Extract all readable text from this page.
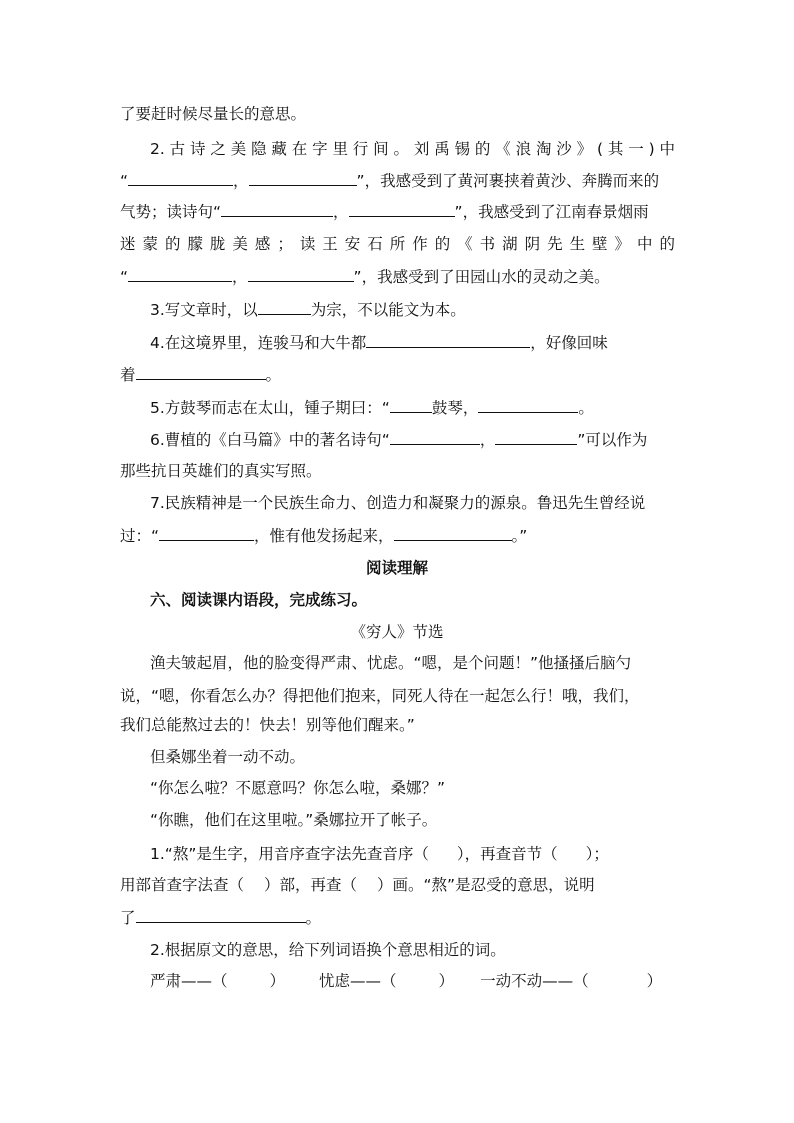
了要赶时候尽量长的意思。
2.古诗之美隐藏在字里行间。刘禹锡的《浪淘沙》(其一)中
“	，	”，我感受到了黄河裹挟着黄沙、奔腾而来的
气势；读诗句“	，	”，我感受到了江南春景烟雨
迷蒙的朦胧美感；读王安石所作的《书湖阴先生壁》中的
“	，	”，我感受到了田园山水的灵动之美。
3.写文章时，以	为宗，不以能文为本。
4.在这境界里，连骏马和大牛都	，好像回味
着	。
5.方鼓琴而志在太山，锺子期曰：“	鼓琴，	。
6.曹植的《白马篇》中的著名诗句“	，	”可以作为
那些抗日英雄们的真实写照。
7.民族精神是一个民族生命力、创造力和凝聚力的源泉。鲁迅先生曾经说
过：“	，惟有他发扬起来，	。”
阅读理解
六、阅读课内语段，完成练习。
《穷人》节选
渔夫皱起眉，他的脸变得严肃、忧虑。“嗯，是个问题！”他搔搔后脑勺
说，“嗯，你看怎么办？得把他们抱来，同死人待在一起怎么行！哦，我们，
我们总能熬过去的！快去！别等他们醒来。”
但桑娜坐着一动不动。
“你怎么啦？不愿意吗？你怎么啦，桑娜？”
“你瞧，他们在这里啦。”桑娜拉开了帐子。
1.“熬”是生字，用音序查字法先查音序（ ），再查音节（ ）；
用部首查字法查（ ）部，再查（ ）画。“熬”是忍受的意思，说明
了	。
2.根据原文的意思，给下列词语换个意思相近的词。
严肃——（	） 忧虑——（	） 一动不动——（	）
